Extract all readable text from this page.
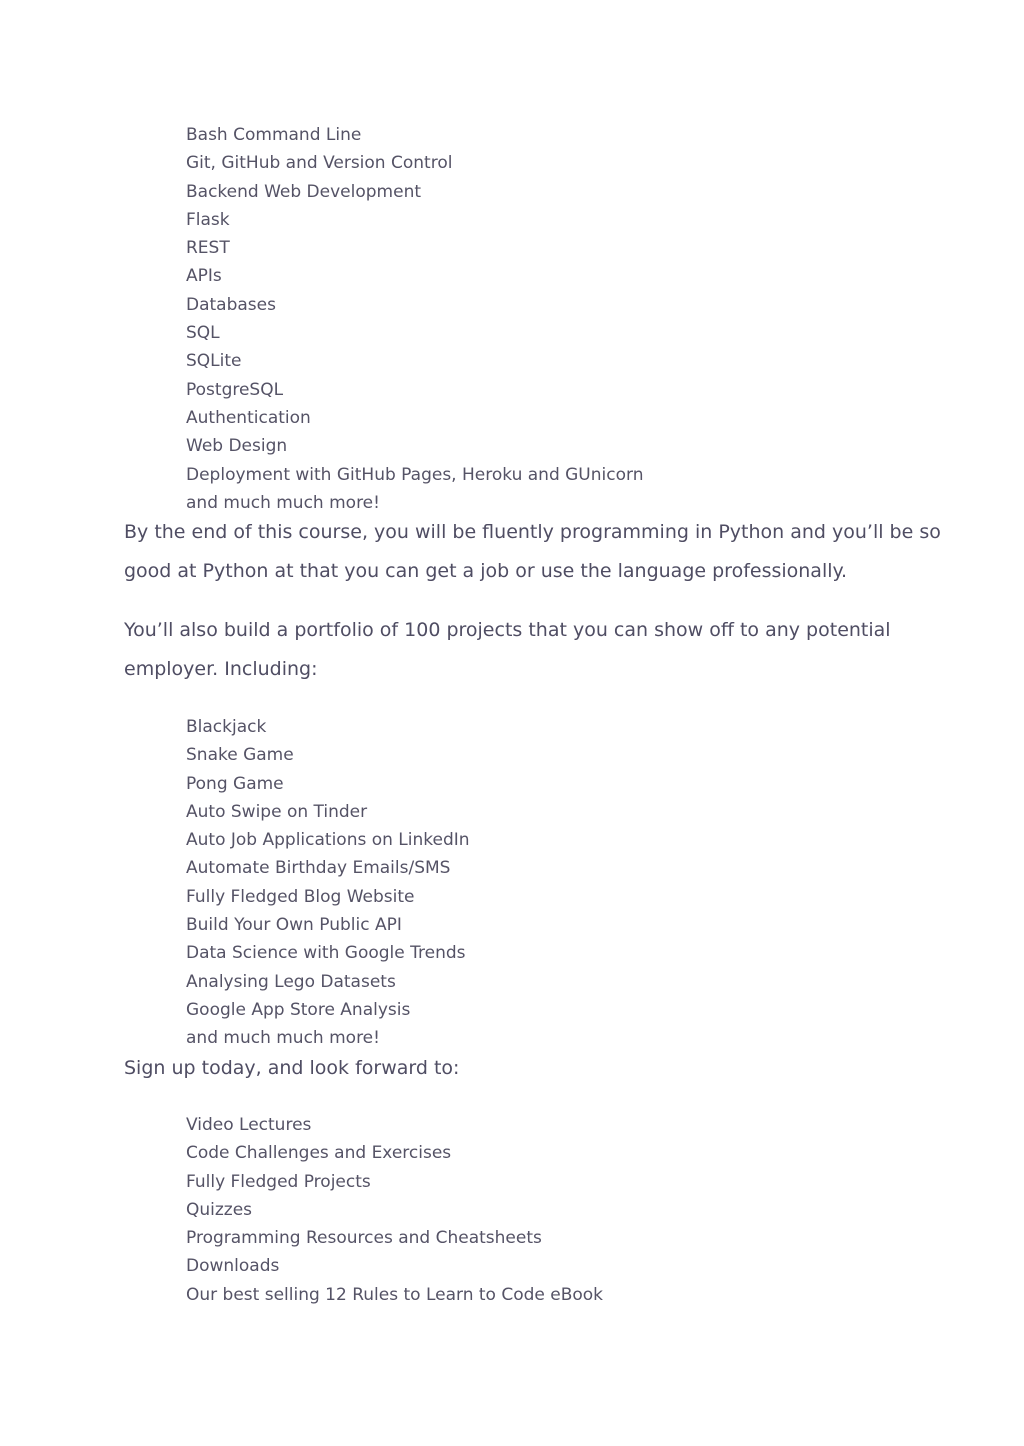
Bash Command Line
Git, GitHub and Version Control
Backend Web Development
Flask
REST
APIs
Databases
SQL
SQLite
PostgreSQL
Authentication
Web Design
Deployment with GitHub Pages, Heroku and GUnicorn
and much much more!

By the end of this course, you will be fluently programming in Python and you’ll be so
good at Python at that you can get a job or use the language professionally.

You’ll also build a portfolio of 100 projects that you can show off to any potential
employer. Including:

Blackjack
Snake Game
Pong Game
Auto Swipe on Tinder
Auto Job Applications on LinkedIn
Automate Birthday Emails/SMS
Fully Fledged Blog Website
Build Your Own Public API
Data Science with Google Trends
Analysing Lego Datasets
Google App Store Analysis
and much much more!

Sign up today, and look forward to:

Video Lectures
Code Challenges and Exercises
Fully Fledged Projects
Quizzes
Programming Resources and Cheatsheets
Downloads
Our best selling 12 Rules to Learn to Code eBook
